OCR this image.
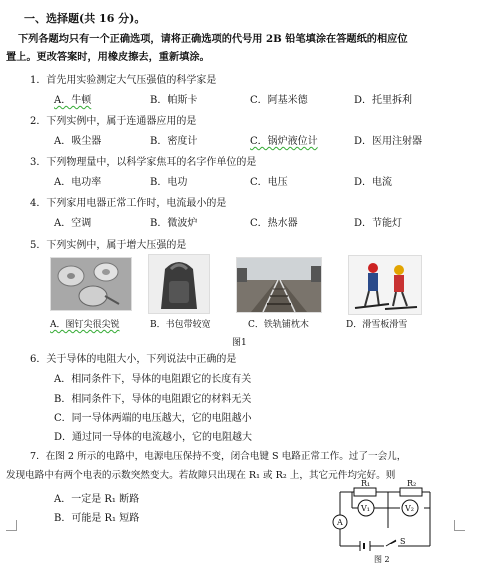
一、选择题(共 16 分)。
下列各题均只有一个正确选项，请将正确选项的代号用 2B 铅笔填涂在答题纸的相应位
置上。更改答案时，用橡皮擦去，重新填涂。
1．首先用实验测定大气压强值的科学家是
A．牛顿	B．帕斯卡	C．阿基米德	D．托里拆利
2．下列实例中，属于连通器应用的是
A．吸尘器	B．密度计	C．锅炉液位计	D．医用注射器
3．下列物理量中，以科学家焦耳的名字作单位的是
A．电功率	B．电功	C．电压	D．电流
4．下列家用电器正常工作时，电流最小的是
A．空调	B．微波炉	C．热水器	D．节能灯
5．下列实例中，属于增大压强的是
A．图钉尖很尖锐	B．书包带较宽	C．铁轨铺枕木	D．滑雪板滑雪
图1
6．关于导体的电阻大小，下列说法中正确的是
A．相同条件下，导体的电阻跟它的长度有关
B．相同条件下，导体的电阻跟它的材料无关
C．同一导体两端的电压越大，它的电阻越小
D．通过同一导体的电流越小，它的电阻越大
7．在图 2 所示的电路中，电源电压保持不变，闭合电键 S 电路正常工作。过了一会儿，
发现电路中有两个电表的示数突然变大。若故障只出现在 R₁ 或 R₂ 上，其它元件均完好。则
A．一定是 R₁ 断路
B．可能是 R₁ 短路
R₁	R₂
V₁	V₂
A
S
图 2
